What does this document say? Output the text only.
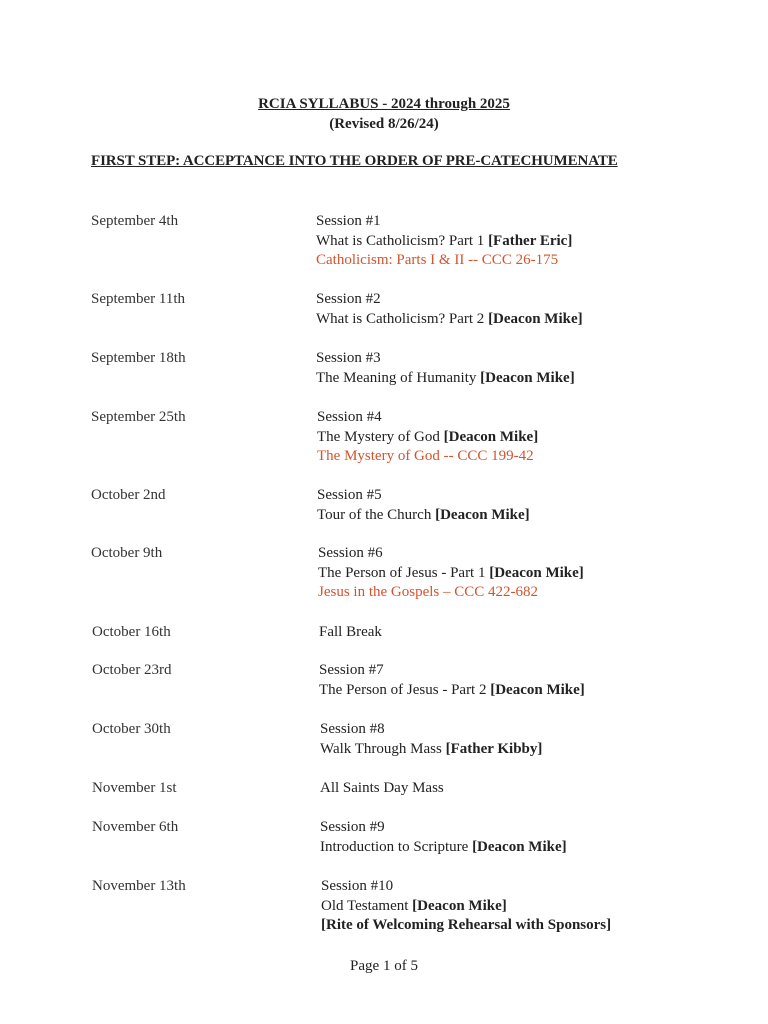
RCIA SYLLABUS - 2024 through 2025
(Revised 8/26/24)
FIRST STEP: ACCEPTANCE INTO THE ORDER OF PRE-CATECHUMENATE
September 4th	Session #1
What is Catholicism? Part 1 [Father Eric]
Catholicism: Parts I & II -- CCC 26-175
September 11th	Session #2
What is Catholicism? Part 2 [Deacon Mike]
September 18th	Session #3
The Meaning of Humanity [Deacon Mike]
September 25th	Session #4
The Mystery of God [Deacon Mike]
The Mystery of God -- CCC 199-42
October 2nd	Session #5
Tour of the Church [Deacon Mike]
October 9th	Session #6
The Person of Jesus - Part 1 [Deacon Mike]
Jesus in the Gospels – CCC 422-682
October 16th	Fall Break
October 23rd	Session #7
The Person of Jesus - Part 2 [Deacon Mike]
October 30th	Session #8
Walk Through Mass [Father Kibby]
November 1st	All Saints Day Mass
November 6th	Session #9
Introduction to Scripture [Deacon Mike]
November 13th	Session #10
Old Testament [Deacon Mike]
[Rite of Welcoming Rehearsal with Sponsors]
Page 1 of 5
